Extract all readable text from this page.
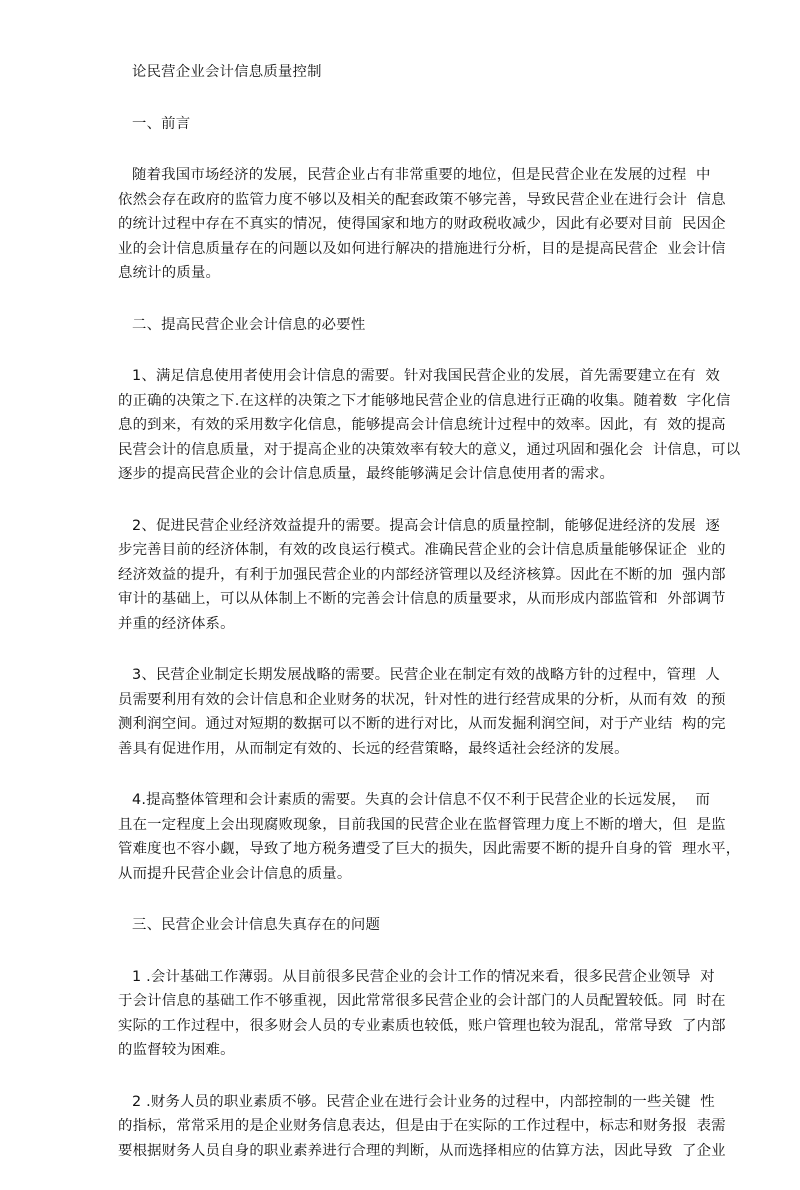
论民营企业会计信息质量控制
一、前言
随着我国市场经济的发展，民营企业占有非常重要的地位，但是民营企业在发展的过程  中
依然会存在政府的监管力度不够以及相关的配套政策不够完善，导致民营企业在进行会计  信息
的统计过程中存在不真实的情况，使得国家和地方的财政税收减少，因此有必要对目前  民因企
业的会计信息质量存在的问题以及如何进行解决的措施进行分析，目的是提高民营企  业会计信
息统计的质量。
二、提高民营企业会计信息的必要性
1、满足信息使用者使用会计信息的需要。针对我国民营企业的发展，首先需要建立在有  效
的正确的决策之下.在这样的决策之下才能够地民营企业的信息进行正确的收集。随着数  字化信
息的到来，有效的采用数字化信息，能够提高会计信息统计过程中的效率。因此，有  效的提高
民营会计的信息质量，对于提高企业的决策效率有较大的意义，通过巩固和强化会  计信息，可以
逐步的提高民营企业的会计信息质量，最终能够满足会计信息使用者的需求。
2、促进民营企业经济效益提升的需要。提高会计信息的质量控制，能够促进经济的发展  逐
步完善目前的经济体制，有效的改良运行模式。准确民营企业的会计信息质量能够保证企  业的
经济效益的提升，有利于加强民营企业的内部经济管理以及经济核算。因此在不断的加  强内部
审计的基础上，可以从体制上不断的完善会计信息的质量要求，从而形成内部监管和  外部调节
并重的经济体系。
3、民营企业制定长期发展战略的需要。民营企业在制定有效的战略方针的过程中，管理  人
员需要利用有效的会计信息和企业财务的状况，针对性的进行经营成果的分析，从而有效  的预
测利润空间。通过对短期的数据可以不断的进行对比，从而发掘利润空间，对于产业结  构的完
善具有促进作用，从而制定有效的、长远的经营策略，最终适社会经济的发展。
4.提高整体管理和会计素质的需要。失真的会计信息不仅不利于民营企业的长远发展，  而
且在一定程度上会出现腐败现象，目前我国的民营企业在监督管理力度上不断的增大，但  是监
管难度也不容小觑，导致了地方税务遭受了巨大的损失，因此需要不断的提升自身的管  理水平，
从而提升民营企业会计信息的质量。
三、民营企业会计信息失真存在的问题
1 .会计基础工作薄弱。从目前很多民营企业的会计工作的情况来看，很多民营企业领导  对
于会计信息的基础工作不够重视，因此常常很多民营企业的会计部门的人员配置较低。同  时在
实际的工作过程中，很多财会人员的专业素质也较低，账户管理也较为混乱，常常导致  了内部
的监督较为困难。
2 .财务人员的职业素质不够。民营企业在进行会计业务的过程中，内部控制的一些关键  性
的指标，常常采用的是企业财务信息表达，但是由于在实际的工作过程中，标志和财务报  表需
要根据财务人员自身的职业素养进行合理的判断，从而选择相应的估算方法，因此导致  了企业
